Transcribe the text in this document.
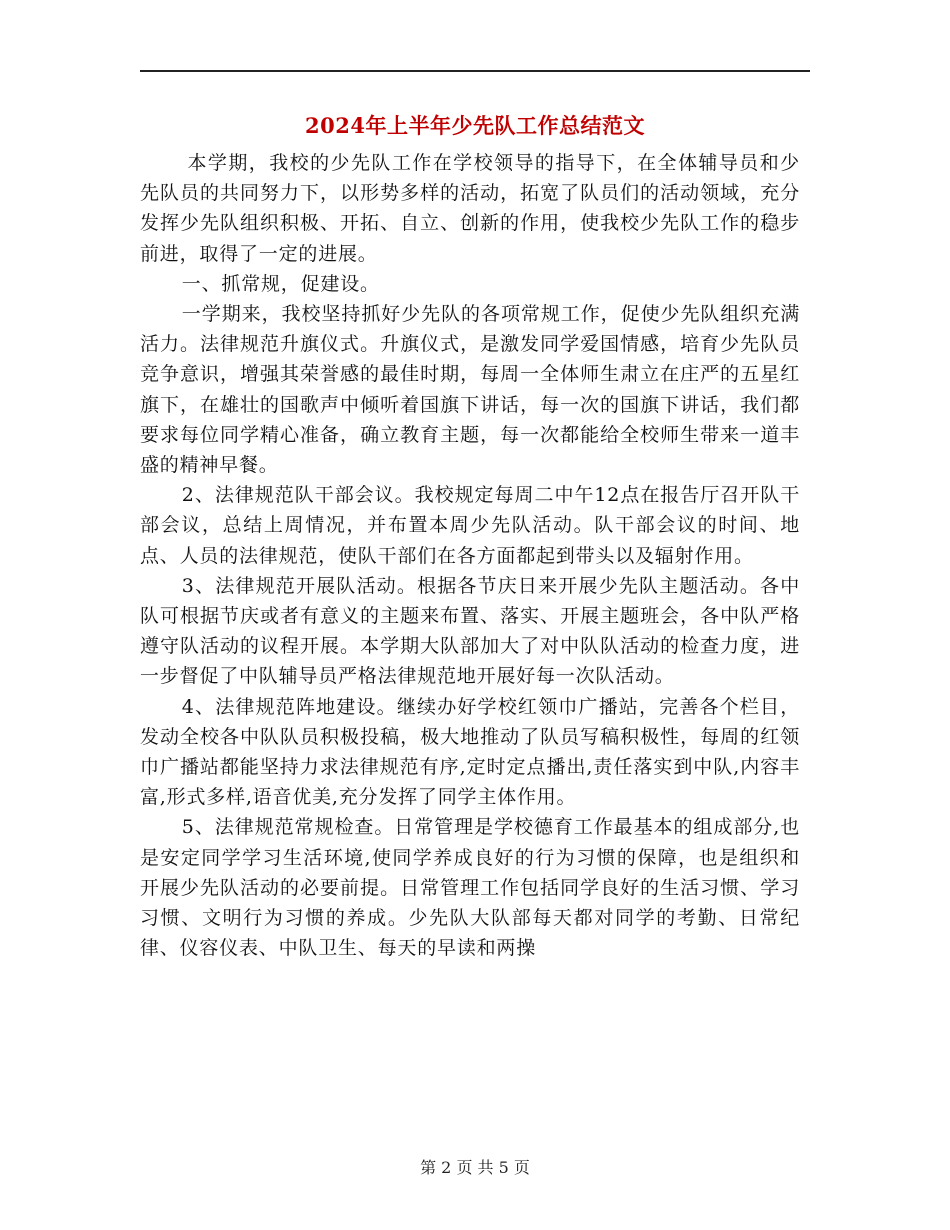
2024年上半年少先队工作总结范文

本学期，我校的少先队工作在学校领导的指导下，在全体辅导员和少先队员的共同努力下，以形势多样的活动，拓宽了队员们的活动领域，充分发挥少先队组织积极、开拓、自立、创新的作用，使我校少先队工作的稳步前进，取得了一定的进展。

一、抓常规，促建设。

一学期来，我校坚持抓好少先队的各项常规工作，促使少先队组织充满活力。法律规范升旗仪式。升旗仪式，是激发同学爱国情感，培育少先队员竞争意识，增强其荣誉感的最佳时期，每周一全体师生肃立在庄严的五星红旗下，在雄壮的国歌声中倾听着国旗下讲话，每一次的国旗下讲话，我们都要求每位同学精心准备，确立教育主题，每一次都能给全校师生带来一道丰盛的精神早餐。

2、法律规范队干部会议。我校规定每周二中午12点在报告厅召开队干部会议，总结上周情况，并布置本周少先队活动。队干部会议的时间、地点、人员的法律规范，使队干部们在各方面都起到带头以及辐射作用。

3、法律规范开展队活动。根据各节庆日来开展少先队主题活动。各中队可根据节庆或者有意义的主题来布置、落实、开展主题班会，各中队严格遵守队活动的议程开展。本学期大队部加大了对中队队活动的检查力度，进一步督促了中队辅导员严格法律规范地开展好每一次队活动。

4、法律规范阵地建设。继续办好学校红领巾广播站，完善各个栏目，发动全校各中队队员积极投稿，极大地推动了队员写稿积极性，每周的红领巾广播站都能坚持力求法律规范有序,定时定点播出,责任落实到中队,内容丰富,形式多样,语音优美,充分发挥了同学主体作用。

5、法律规范常规检查。日常管理是学校德育工作最基本的组成部分,也是安定同学学习生活环境,使同学养成良好的行为习惯的保障，也是组织和开展少先队活动的必要前提。日常管理工作包括同学良好的生活习惯、学习习惯、文明行为习惯的养成。少先队大队部每天都对同学的考勤、日常纪律、仪容仪表、中队卫生、每天的早读和两操

第 2 页 共 5 页
